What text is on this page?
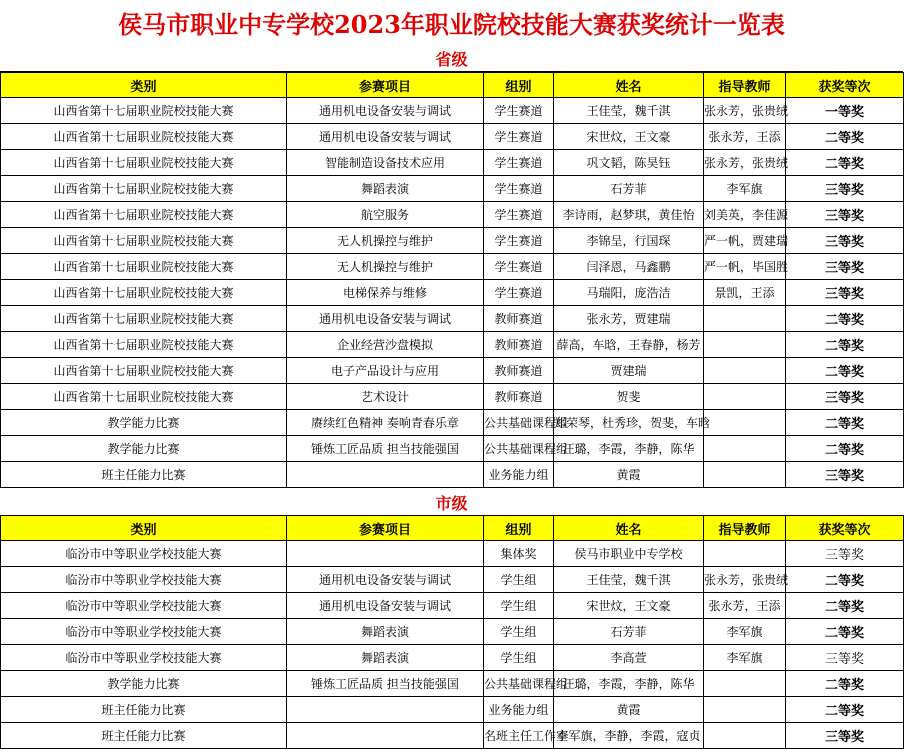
侯马市职业中专学校2023年职业院校技能大赛获奖统计一览表
省级
类别	参赛项目	组别	姓名	指导教师	获奖等次
山西省第十七届职业院校技能大赛	通用机电设备安装与调试	学生赛道	王佳莹，魏千淇	张永芳，张贵绒	一等奖
山西省第十七届职业院校技能大赛	通用机电设备安装与调试	学生赛道	宋世炆，王文豪	张永芳，王添	二等奖
山西省第十七届职业院校技能大赛	智能制造设备技术应用	学生赛道	巩文韬，陈昊钰	张永芳，张贵绒	二等奖
山西省第十七届职业院校技能大赛	舞蹈表演	学生赛道	石芳菲	李军旗	三等奖
山西省第十七届职业院校技能大赛	航空服务	学生赛道	李诗雨，赵梦琪，黄佳怡	刘美英，李佳源	三等奖
山西省第十七届职业院校技能大赛	无人机操控与维护	学生赛道	李锦呈，行国琛	严一帆，贾建瑞	三等奖
山西省第十七届职业院校技能大赛	无人机操控与维护	学生赛道	闫泽恩，马鑫鹏	严一帆，毕国胜	三等奖
山西省第十七届职业院校技能大赛	电梯保养与维修	学生赛道	马瑞阳，庞浩洁	景凯，王添	三等奖
山西省第十七届职业院校技能大赛	通用机电设备安装与调试	教师赛道	张永芳，贾建瑞		二等奖
山西省第十七届职业院校技能大赛	企业经营沙盘模拟	教师赛道	薛高，车晗，王春静，杨芳		二等奖
山西省第十七届职业院校技能大赛	电子产品设计与应用	教师赛道	贾建瑞		二等奖
山西省第十七届职业院校技能大赛	艺术设计	教师赛道	贺斐		三等奖
教学能力比赛	赓续红色精神 奏响青春乐章	公共基础课程组	郑荣琴，杜秀珍，贺斐，车晗		二等奖
教学能力比赛	锤炼工匠品质 担当技能强国	公共基础课程组	汪璐，李霞，李静，陈华		二等奖
班主任能力比赛		业务能力组	黄霞		三等奖
市级
类别	参赛项目	组别	姓名	指导教师	获奖等次
临汾市中等职业学校技能大赛		集体奖	侯马市职业中专学校		三等奖
临汾市中等职业学校技能大赛	通用机电设备安装与调试	学生组	王佳莹，魏千淇	张永芳，张贵绒	二等奖
临汾市中等职业学校技能大赛	通用机电设备安装与调试	学生组	宋世炆，王文豪	张永芳，王添	二等奖
临汾市中等职业学校技能大赛	舞蹈表演	学生组	石芳菲	李军旗	二等奖
临汾市中等职业学校技能大赛	舞蹈表演	学生组	李高萱	李军旗	三等奖
教学能力比赛	锤炼工匠品质 担当技能强国	公共基础课程组	汪璐，李霞，李静，陈华		二等奖
班主任能力比赛		业务能力组	黄霞		二等奖
班主任能力比赛		名班主任工作室	李军旗，李静，李霞，寇贞		三等奖
